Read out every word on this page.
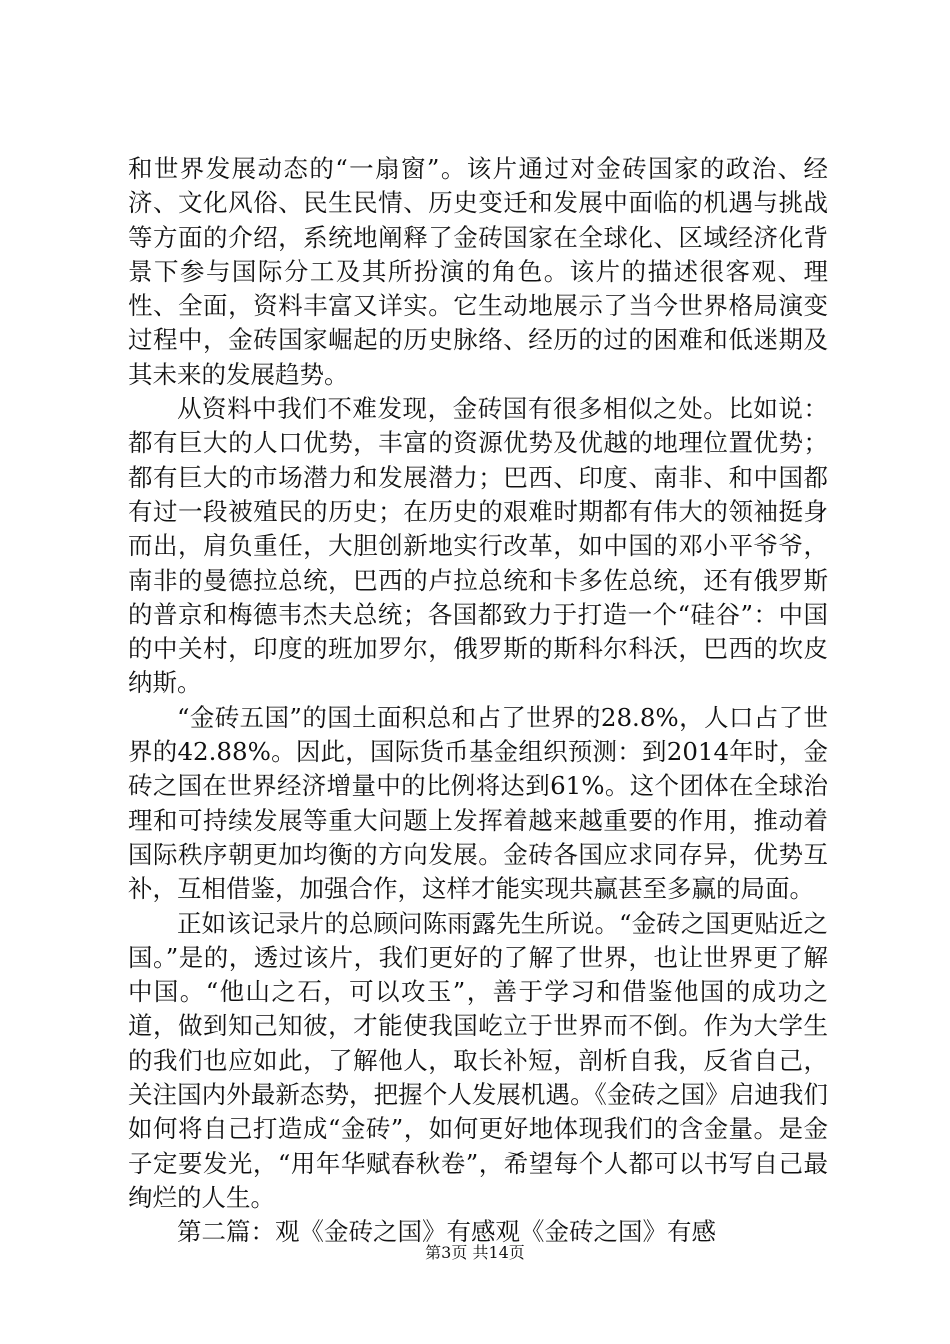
和世界发展动态的“一扇窗”。该片通过对金砖国家的政治、经济、文化风俗、民生民情、历史变迁和发展中面临的机遇与挑战等方面的介绍，系统地阐释了金砖国家在全球化、区域经济化背景下参与国际分工及其所扮演的角色。该片的描述很客观、理性、全面，资料丰富又详实。它生动地展示了当今世界格局演变过程中，金砖国家崛起的历史脉络、经历的过的困难和低迷期及其未来的发展趋势。

从资料中我们不难发现，金砖国有很多相似之处。比如说：都有巨大的人口优势，丰富的资源优势及优越的地理位置优势；都有巨大的市场潜力和发展潜力；巴西、印度、南非、和中国都有过一段被殖民的历史；在历史的艰难时期都有伟大的领袖挺身而出，肩负重任，大胆创新地实行改革，如中国的邓小平爷爷，南非的曼德拉总统，巴西的卢拉总统和卡多佐总统，还有俄罗斯的普京和梅德韦杰夫总统；各国都致力于打造一个“硅谷”：中国的中关村，印度的班加罗尔，俄罗斯的斯科尔科沃，巴西的坎皮纳斯。

“金砖五国”的国土面积总和占了世界的28.8%，人口占了世界的42.88%。因此，国际货币基金组织预测：到2014年时，金砖之国在世界经济增量中的比例将达到61%。这个团体在全球治理和可持续发展等重大问题上发挥着越来越重要的作用，推动着国际秩序朝更加均衡的方向发展。金砖各国应求同存异，优势互补，互相借鉴，加强合作，这样才能实现共赢甚至多赢的局面。

正如该记录片的总顾问陈雨露先生所说。“金砖之国更贴近之国。”是的，透过该片，我们更好的了解了世界，也让世界更了解中国。“他山之石，可以攻玉”，善于学习和借鉴他国的成功之道，做到知己知彼，才能使我国屹立于世界而不倒。作为大学生的我们也应如此，了解他人，取长补短，剖析自我，反省自己，关注国内外最新态势，把握个人发展机遇。《金砖之国》启迪我们如何将自己打造成“金砖”，如何更好地体现我们的含金量。是金子定要发光，“用年华赋春秋卷”，希望每个人都可以书写自己最绚烂的人生。

第二篇：观《金砖之国》有感观《金砖之国》有感

第3页 共14页
